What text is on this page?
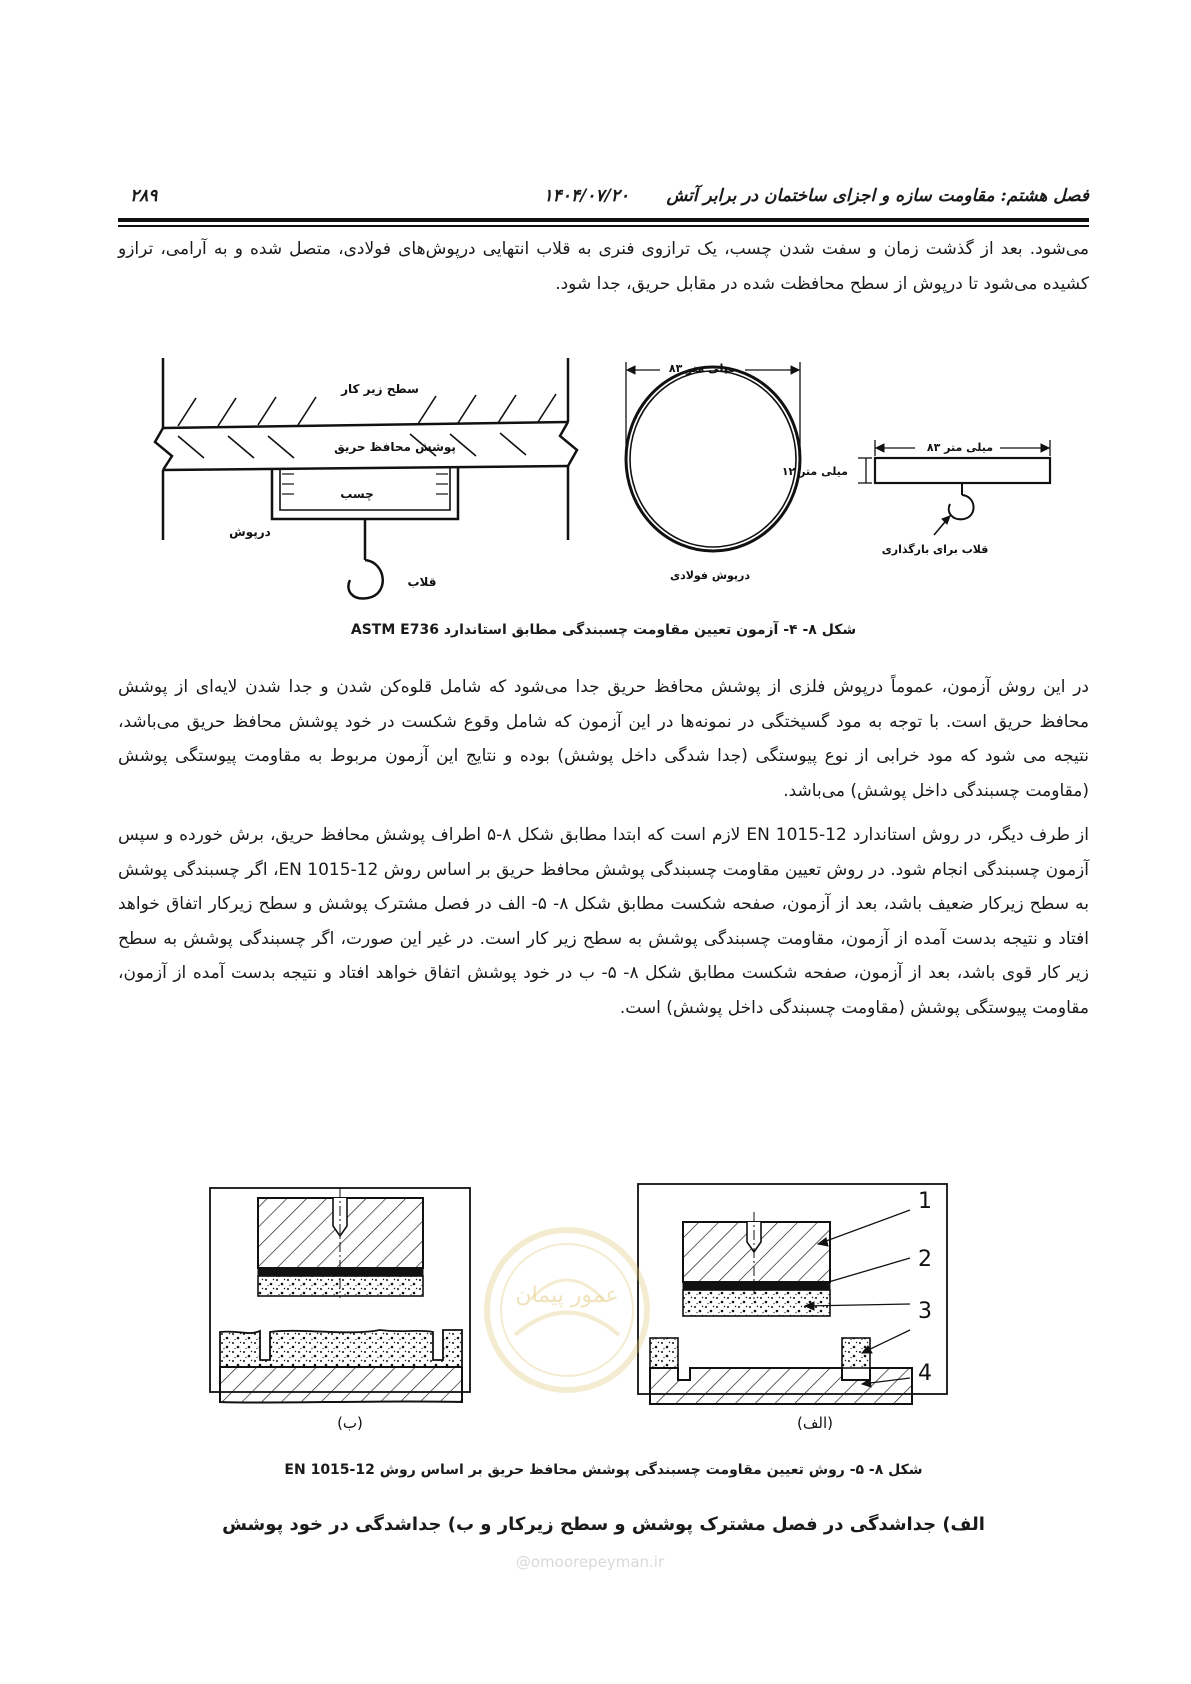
فصل هشتم: مقاومت سازه و اجزای ساختمان در برابر آتش
۱۴۰۴/۰۷/۲۰
۲۸۹

می‌شود. بعد از گذشت زمان و سفت شدن چسب، یک ترازوی فنری به قلاب انتهایی درپوش‌های فولادی، متصل شده و به آرامی، ترازو کشیده می‌شود تا درپوش از سطح محافظت شده در مقابل حریق، جدا شود.

سطح زیر کار
پوشش محافظ حریق
چسب
درپوش
قلاب
۸۳ میلی متر
درپوش فولادی
۸۳ میلی متر
۱۲ میلی متر
قلاب برای بارگذاری
شکل ۸- ۴- آزمون تعیین مقاومت چسبندگی مطابق استاندارد ASTM E736

در این روش آزمون، عموماً درپوش فلزی از پوشش محافظ حریق جدا می‌شود که شامل قلوه‌کن شدن و جدا شدن لایه‌ای از پوشش محافظ حریق است. با توجه به مود گسیختگی در نمونه‌ها در این آزمون که شامل وقوع شکست در خود پوشش محافظ حریق می‌باشد، نتیجه می شود که مود خرابی از نوع پیوستگی (جدا شدگی داخل پوشش) بوده و نتایج این آزمون مربوط به مقاومت پیوستگی پوشش (مقاومت چسبندگی داخل پوشش) می‌باشد.

از طرف دیگر، در روش استاندارد EN 1015-12 لازم است که ابتدا مطابق شکل ۸-۵ اطراف پوشش محافظ حریق، برش خورده و سپس آزمون چسبندگی انجام شود. در روش تعیین مقاومت چسبندگی پوشش محافظ حریق بر اساس روش EN 1015-12، اگر چسبندگی پوشش به سطح زیرکار ضعیف باشد، بعد از آزمون، صفحه شکست مطابق شکل ۸- ۵- الف در فصل مشترک پوشش و سطح زیرکار اتفاق خواهد افتاد و نتیجه بدست آمده از آزمون، مقاومت چسبندگی پوشش به سطح زیر کار است. در غیر این صورت، اگر چسبندگی پوشش به سطح زیر کار قوی باشد، بعد از آزمون، صفحه شکست مطابق شکل ۸- ۵- ب در خود پوشش اتفاق خواهد افتاد و نتیجه بدست آمده از آزمون، مقاومت پیوستگی پوشش (مقاومت چسبندگی داخل پوشش) است.

1
2
3
4
عمور پیمان
(ب)	(الف)
شکل ۸- ۵- روش تعیین مقاومت چسبندگی پوشش محافظ حریق بر اساس روش EN 1015-12
الف) جداشدگی در فصل مشترک پوشش و سطح زیرکار و ب) جداشدگی در خود پوشش
@omoorepeyman.ir
